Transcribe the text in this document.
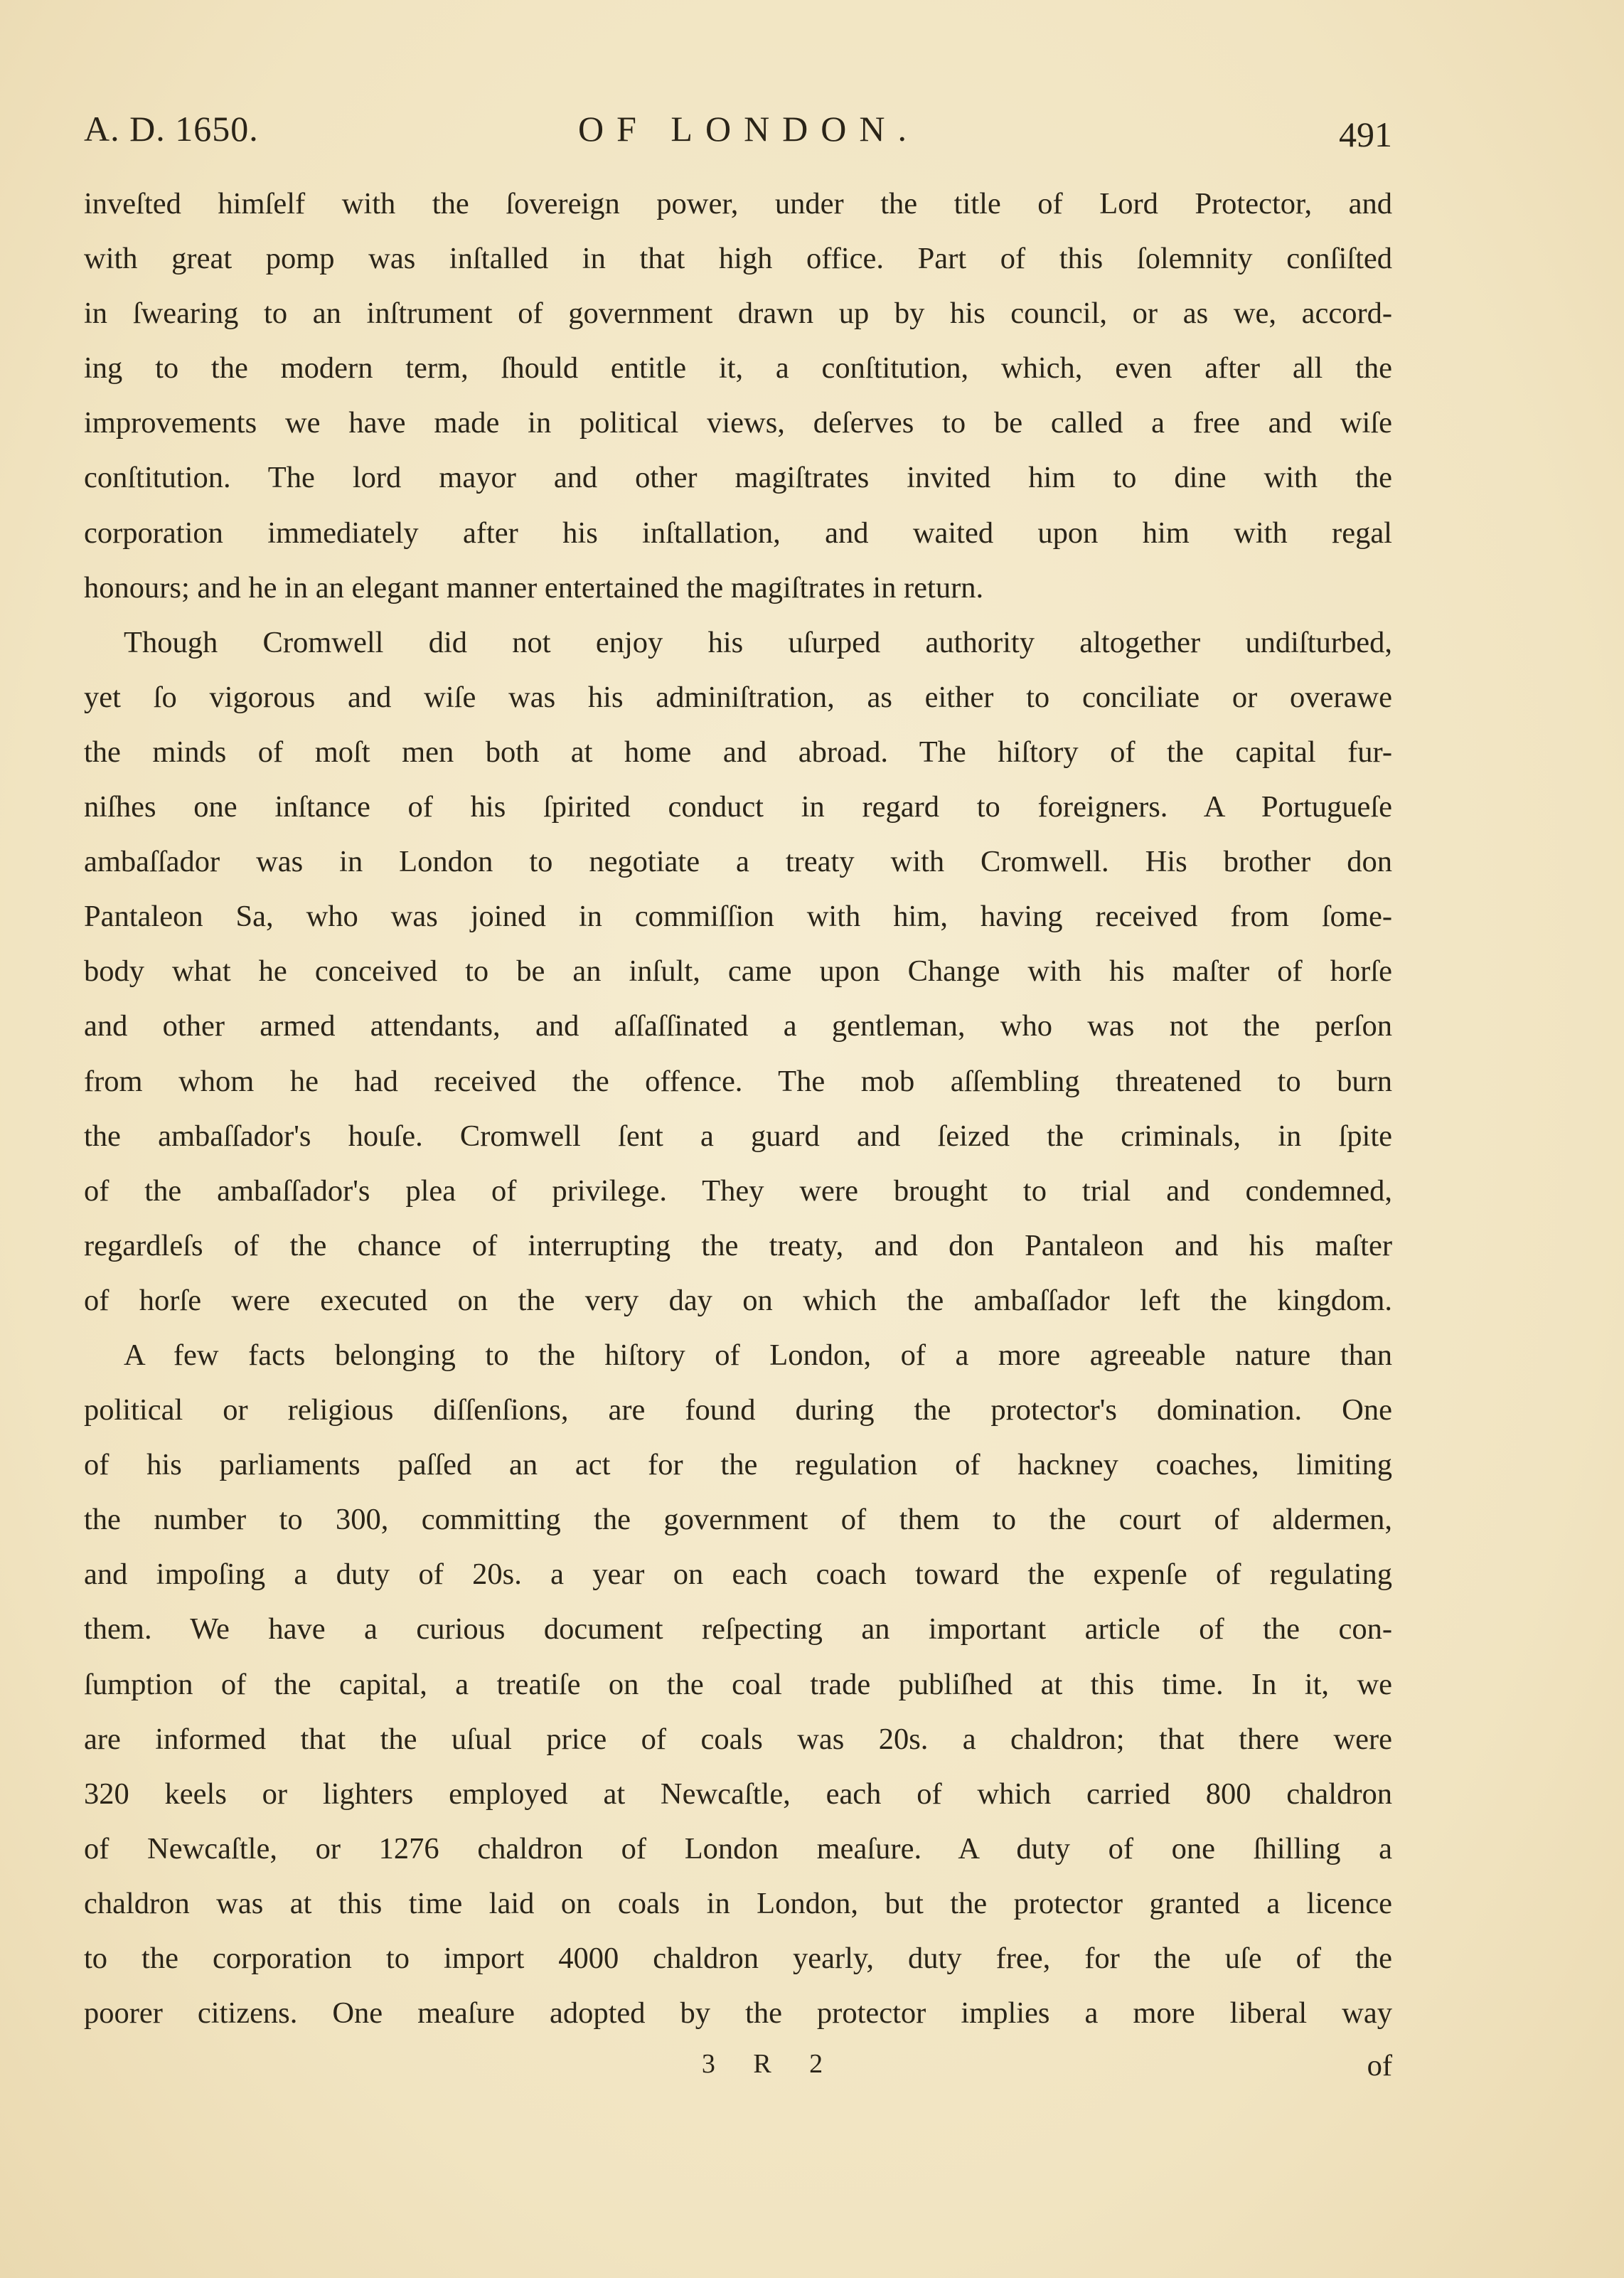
A. D. 1650.	OF LONDON.	491
inveſted himſelf with the ſovereign power, under the title of Lord Protector, and
with great pomp was inſtalled in that high office. Part of this ſolemnity conſiſted
in ſwearing to an inſtrument of government drawn up by his council, or as we, accord-
ing to the modern term, ſhould entitle it, a conſtitution, which, even after all the
improvements we have made in political views, deſerves to be called a free and wiſe
conſtitution. The lord mayor and other magiſtrates invited him to dine with the
corporation immediately after his inſtallation, and waited upon him with regal
honours; and he in an elegant manner entertained the magiſtrates in return.
Though Cromwell did not enjoy his uſurped authority altogether undiſturbed,
yet ſo vigorous and wiſe was his adminiſtration, as either to conciliate or overawe
the minds of moſt men both at home and abroad. The hiſtory of the capital fur-
niſhes one inſtance of his ſpirited conduct in regard to foreigners. A Portugueſe
ambaſſador was in London to negotiate a treaty with Cromwell. His brother don
Pantaleon Sa, who was joined in commiſſion with him, having received from ſome-
body what he conceived to be an inſult, came upon Change with his maſter of horſe
and other armed attendants, and aſſaſſinated a gentleman, who was not the perſon
from whom he had received the offence. The mob aſſembling threatened to burn
the ambaſſador's houſe. Cromwell ſent a guard and ſeized the criminals, in ſpite
of the ambaſſador's plea of privilege. They were brought to trial and condemned,
regardleſs of the chance of interrupting the treaty, and don Pantaleon and his maſter
of horſe were executed on the very day on which the ambaſſador left the kingdom.
A few facts belonging to the hiſtory of London, of a more agreeable nature than
political or religious diſſenſions, are found during the protector's domination. One
of his parliaments paſſed an act for the regulation of hackney coaches, limiting
the number to 300, committing the government of them to the court of aldermen,
and impoſing a duty of 20s. a year on each coach toward the expenſe of regulating
them. We have a curious document reſpecting an important article of the con-
ſumption of the capital, a treatiſe on the coal trade publiſhed at this time. In it, we
are informed that the uſual price of coals was 20s. a chaldron; that there were
320 keels or lighters employed at Newcaſtle, each of which carried 800 chaldron
of Newcaſtle, or 1276 chaldron of London meaſure. A duty of one ſhilling a
chaldron was at this time laid on coals in London, but the protector granted a licence
to the corporation to import 4000 chaldron yearly, duty free, for the uſe of the
poorer citizens. One meaſure adopted by the protector implies a more liberal way
3 R 2	of
